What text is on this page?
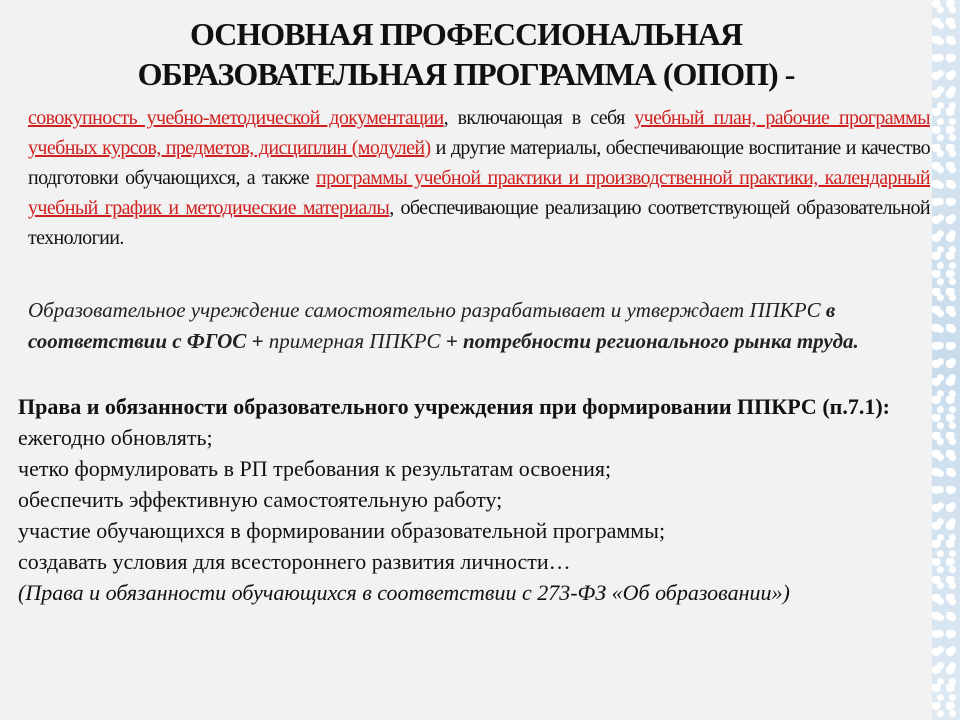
ОСНОВНАЯ ПРОФЕССИОНАЛЬНАЯ
ОБРАЗОВАТЕЛЬНАЯ ПРОГРАММА (ОПОП) -
совокупность учебно-методической документации, включающая в себя учебный план, рабочие программы учебных курсов, предметов, дисциплин (модулей) и другие материалы, обеспечивающие воспитание и качество подготовки обучающихся, а также программы учебной практики и производственной практики, календарный учебный график и методические материалы, обеспечивающие реализацию соответствующей образовательной технологии.
Образовательное учреждение самостоятельно разрабатывает и утверждает ППКРС в соответствии с ФГОС + примерная ППКРС + потребности регионального рынка труда.
Права и обязанности образовательного учреждения при формировании ППКРС (п.7.1):
ежегодно обновлять;
четко формулировать в РП требования к результатам освоения;
обеспечить эффективную самостоятельную работу;
участие обучающихся в формировании образовательной программы;
создавать условия для всестороннего развития личности…
(Права и обязанности обучающихся в соответствии с 273-ФЗ «Об образовании»)
